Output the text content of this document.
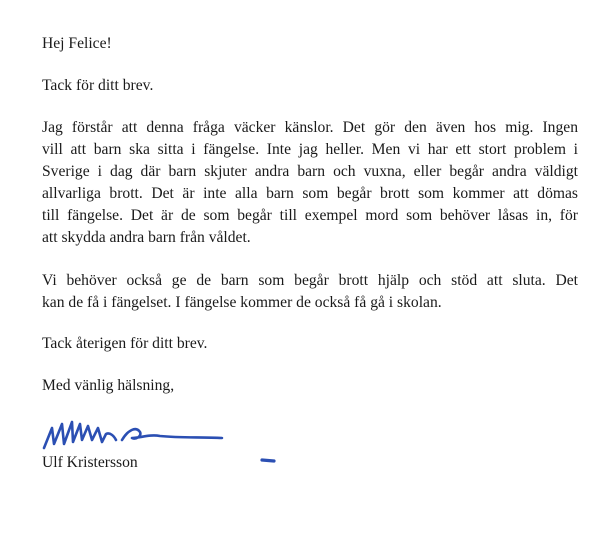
Hej Felice!
Tack för ditt brev.
Jag förstår att denna fråga väcker känslor. Det gör den även hos mig. Ingen
vill att barn ska sitta i fängelse. Inte jag heller. Men vi har ett stort problem i
Sverige i dag där barn skjuter andra barn och vuxna, eller begår andra väldigt
allvarliga brott. Det är inte alla barn som begår brott som kommer att dömas
till fängelse. Det är de som begår till exempel mord som behöver låsas in, för
att skydda andra barn från våldet.
Vi behöver också ge de barn som begår brott hjälp och stöd att sluta. Det
kan de få i fängelset. I fängelse kommer de också få gå i skolan.
Tack återigen för ditt brev.
Med vänlig hälsning,
Ulf Kristersson
